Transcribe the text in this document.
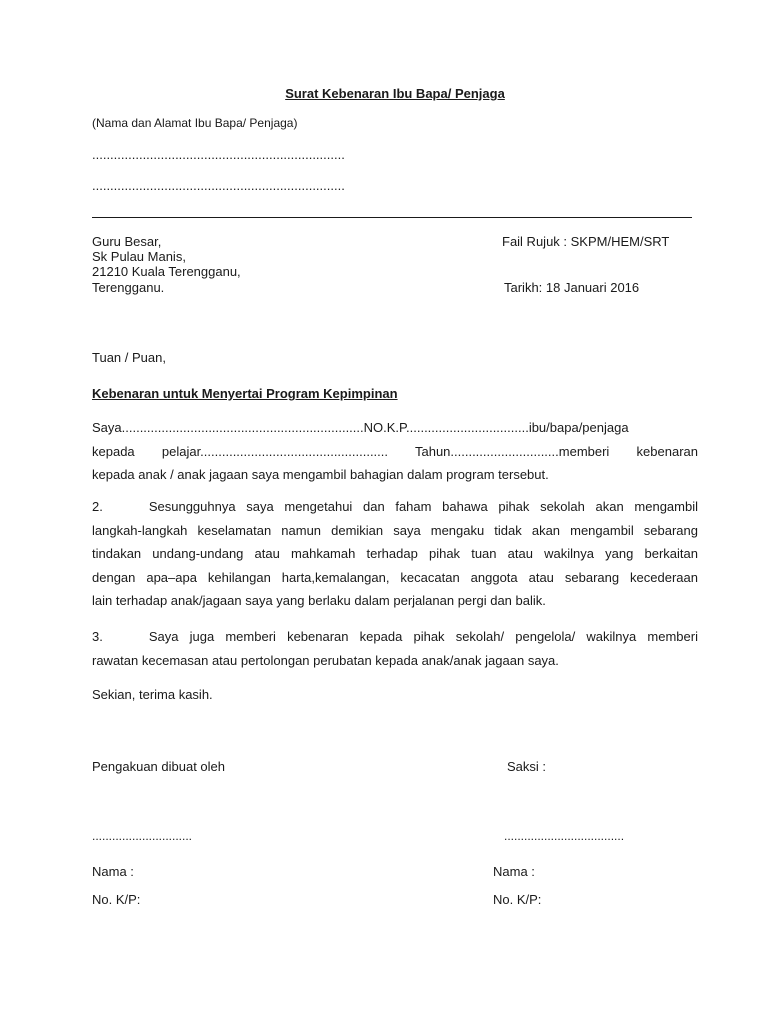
Surat Kebenaran Ibu Bapa/ Penjaga
(Nama dan Alamat Ibu Bapa/ Penjaga)
......................................................................
......................................................................
Guru Besar,
Sk Pulau Manis,
21210 Kuala Terengganu,
Terengganu.
Fail Rujuk : SKPM/HEM/SRT
Tarikh: 18 Januari 2016
Tuan / Puan,
Kebenaran untuk Menyertai Program Kepimpinan
Saya...................................................................NO.K.P..................................ibu/bapa/penjaga
kepada pelajar.................................................... Tahun..............................memberi kebenaran
kepada anak / anak jagaan saya mengambil bahagian dalam program tersebut.
2.	Sesungguhnya saya mengetahui dan faham bahawa pihak sekolah akan mengambil
langkah-langkah keselamatan namun demikian saya mengaku tidak akan mengambil sebarang
tindakan undang-undang atau mahkamah terhadap pihak tuan atau wakilnya yang berkaitan
dengan apa–apa kehilangan harta,kemalangan, kecacatan anggota atau sebarang kecederaan
lain terhadap anak/jagaan saya yang berlaku dalam perjalanan pergi dan balik.
3.	Saya juga memberi kebenaran kepada pihak sekolah/ pengelola/ wakilnya memberi
rawatan kecemasan atau pertolongan perubatan kepada anak/anak jagaan saya.
Sekian, terima kasih.
Pengakuan dibuat oleh	Saksi :
..............................	....................................
Nama :	Nama :
No. K/P:	No. K/P:
